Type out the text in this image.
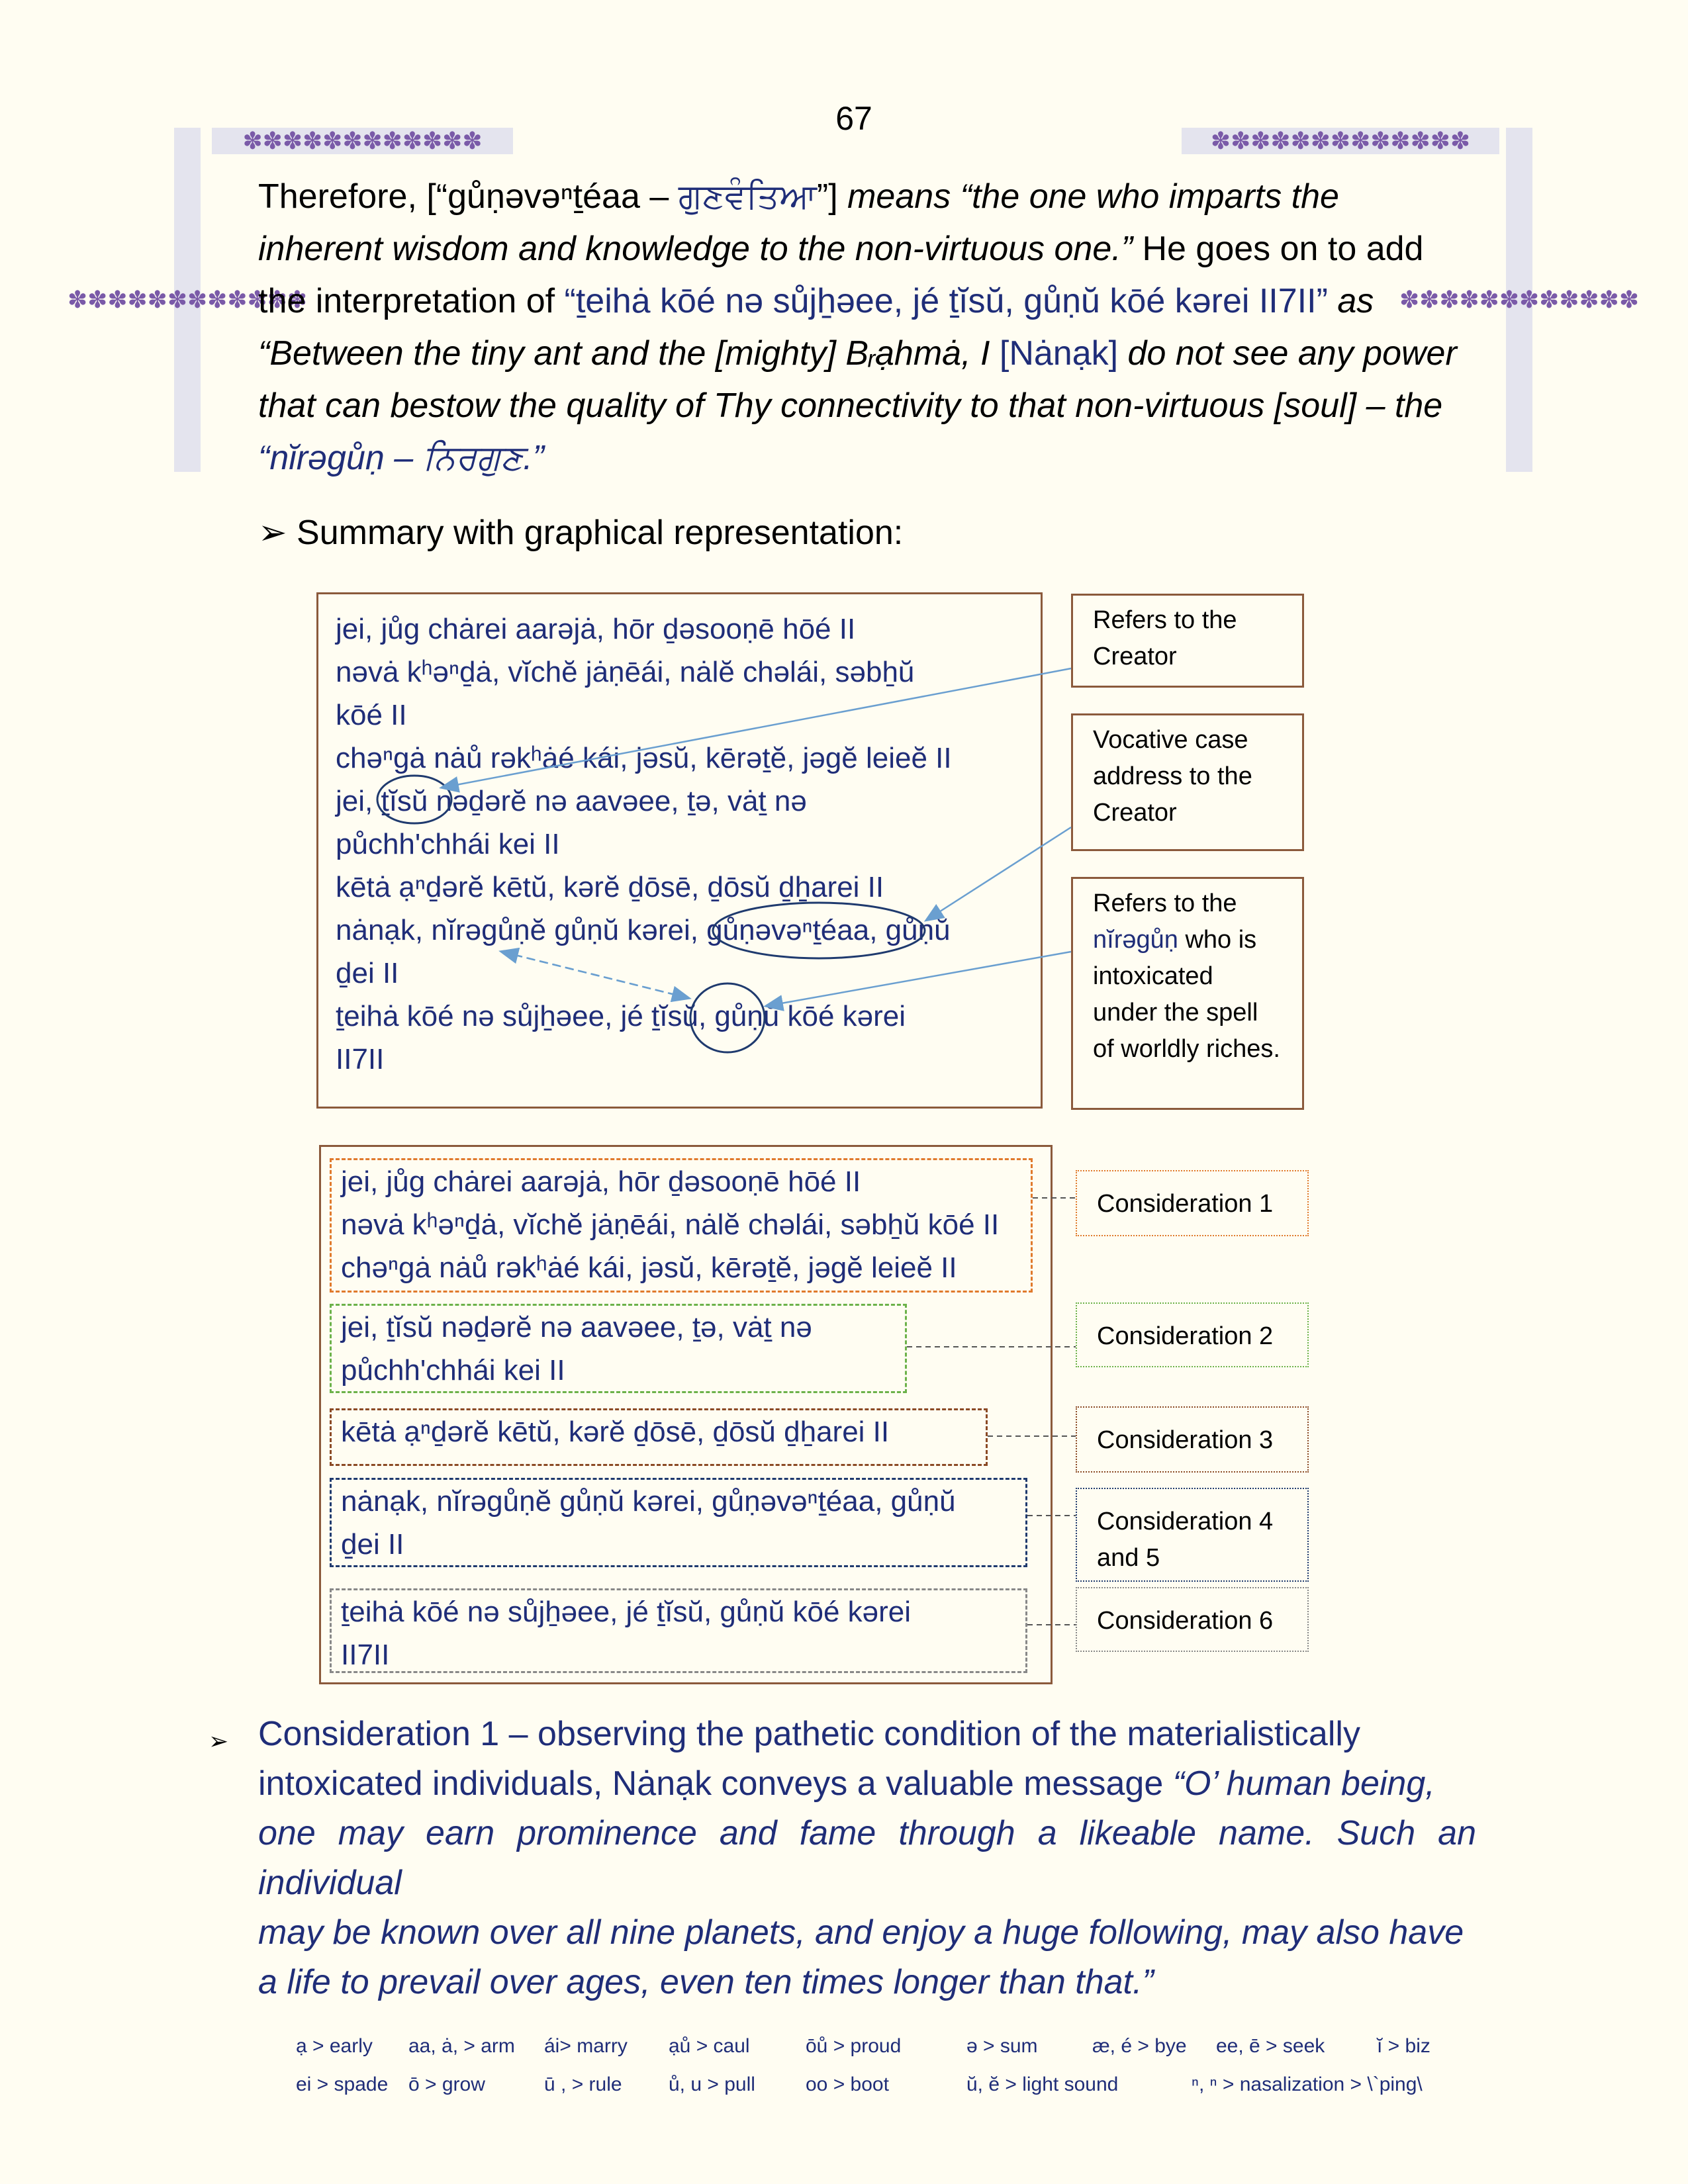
67
✽✽✽✽✽✽✽✽✽✽✽✽
✽✽✽✽✽✽✽✽✽✽✽✽
✽✽✽✽✽✽✽✽✽✽✽✽✽
✽✽✽✽✽✽✽✽✽✽✽✽
Therefore, [“gůṇəvəⁿṯéaa – ਗੁਣਵੰਤਿਆ”] means “the one who imparts the
inherent wisdom and knowledge to the non-virtuous one.” He goes on to add
the interpretation of “ṯeihȧ kōé nə sůjẖəee, jé ṯĭsŭ, gůṇŭ kōé kərei II7II” as
“Between the tiny ant and the [mighty] Bᵣạhmȧ, I [Nȧnạk] do not see any power
that can bestow the quality of Thy connectivity to that non-virtuous [soul] – the
“nĭrəgůṇ – ਨਿਰਗੁਣ.”
➢ Summary with graphical representation:
jei, jůg chȧrei aarəjȧ, hōr ḏəsooṇē hōé II
nəvȧ kʰəⁿḏȧ, vĭchĕ jȧṇēái, nȧlĕ chəlái, səbẖŭ
kōé II
chəⁿgȧ nȧů rəkʰȧé kái, jəsŭ, kērəṯĕ, jəgĕ leieĕ II
jei, ṯĭsŭ nəḏərĕ nə aavəee, ṯə, vȧṯ nə
půchh'chhái kei II
kētȧ ạⁿḏərĕ kētŭ, kərĕ ḏōsē, ḏōsŭ ḏẖarei II
nȧnạk, nĭrəgůṇĕ gůṇŭ kərei, gůṇəvəⁿṯéaa, gůṇŭ
ḏei II
ṯeihȧ kōé nə sůjẖəee, jé ṯĭsŭ, gůṇŭ kōé kərei
II7II
Refers to the Creator
Vocative case address to the Creator
Refers to the nĭrəgůṇ who is intoxicated under the spell of worldly riches.
jei, jůg chȧrei aarəjȧ, hōr ḏəsooṇē hōé II
nəvȧ kʰəⁿḏȧ, vĭchĕ jȧṇēái, nȧlĕ chəlái, səbẖŭ kōé II
chəⁿgȧ nȧů rəkʰȧé kái, jəsŭ, kērəṯĕ, jəgĕ leieĕ II
jei, ṯĭsŭ nəḏərĕ nə aavəee, ṯə, vȧṯ nə
půchh'chhái kei II
kētȧ ạⁿḏərĕ kētŭ, kərĕ ḏōsē, ḏōsŭ ḏẖarei II
nȧnạk, nĭrəgůṇĕ gůṇŭ kərei, gůṇəvəⁿṯéaa, gůṇŭ
ḏei II
ṯeihȧ kōé nə sůjẖəee, jé ṯĭsŭ, gůṇŭ kōé kərei
II7II
Consideration 1
Consideration 2
Consideration 3
Consideration 4 and 5
Consideration 6
➢ Consideration 1 – observing the pathetic condition of the materialistically
intoxicated individuals, Nȧnạk conveys a valuable message “O’ human being,
one may earn prominence and fame through a likeable name. Such an individual
may be known over all nine planets, and enjoy a huge following, may also have
a life to prevail over ages, even ten times longer than that.”
ạ > early aa, ȧ, > arm ái> marry ạů > caul	ōů > proud	ə > sum	æ, é > bye ee, ē > seek	ĭ > biz
ei > spade ō > grow	ū , > rule ů, u > pull	oo > boot	ŭ, ĕ > light sound	ⁿ, ⁿ > nasalization > \`ping\
